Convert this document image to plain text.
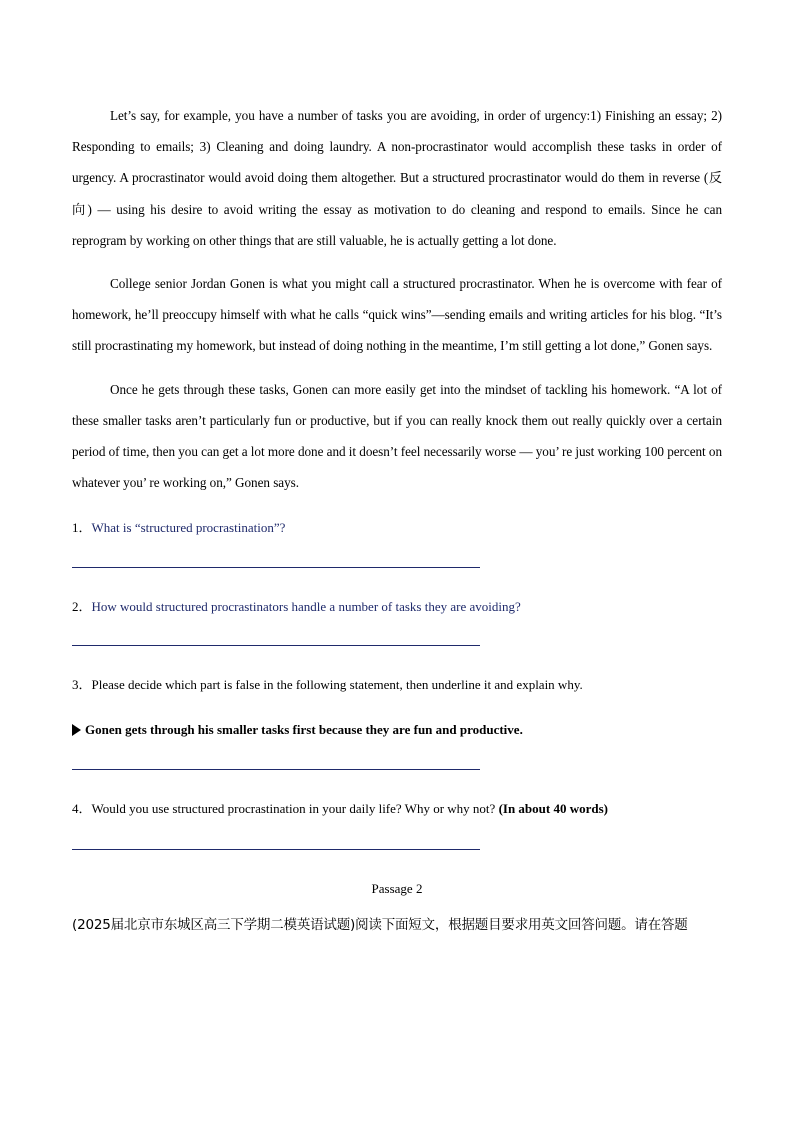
Let’s say, for example, you have a number of tasks you are avoiding, in order of urgency:1) Finishing an essay; 2) Responding to emails; 3) Cleaning and doing laundry. A non-procrastinator would accomplish these tasks in order of urgency. A procrastinator would avoid doing them altogether. But a structured procrastinator would do them in reverse (反向) — using his desire to avoid writing the essay as motivation to do cleaning and respond to emails. Since he can reprogram by working on other things that are still valuable, he is actually getting a lot done.

College senior Jordan Gonen is what you might call a structured procrastinator. When he is overcome with fear of homework, he’ll preoccupy himself with what he calls “quick wins”—sending emails and writing articles for his blog. “It’s still procrastinating my homework, but instead of doing nothing in the meantime, I’m still getting a lot done,” Gonen says.

Once he gets through these tasks, Gonen can more easily get into the mindset of tackling his homework. “A lot of these smaller tasks aren’t particularly fun or productive, but if you can really knock them out really quickly over a certain period of time, then you can get a lot more done and it doesn’t feel necessarily worse — you’ re just working 100 percent on whatever you’ re working on,” Gonen says.

1．What is “structured procrastination”?

2．How would structured procrastinators handle a number of tasks they are avoiding?

3．Please decide which part is false in the following statement, then underline it and explain why.

Gonen gets through his smaller tasks first because they are fun and productive.

4．Would you use structured procrastination in your daily life? Why or why not? (In about 40 words)

Passage 2

(2025届北京市东城区高三下学期二模英语试题)阅读下面短文，根据题目要求用英文回答问题。请在答题
